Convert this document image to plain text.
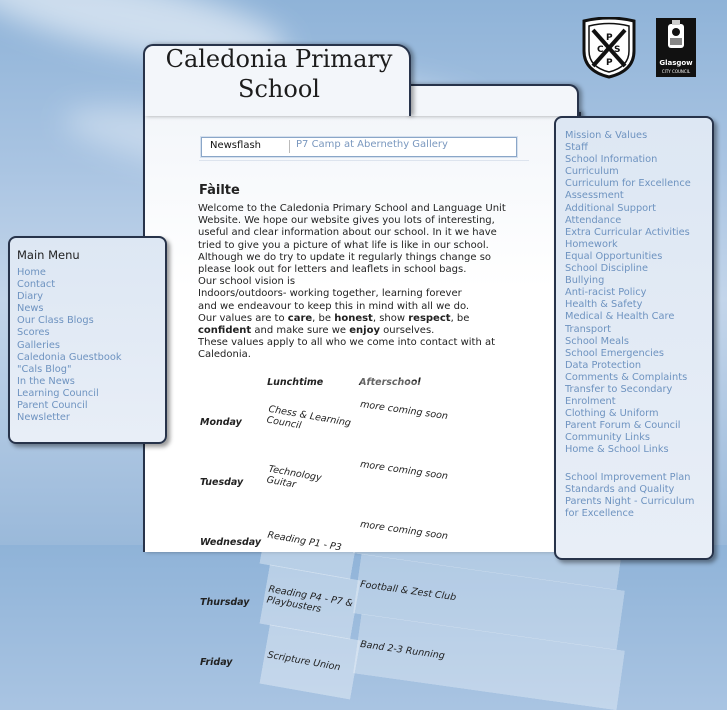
Caledonia Primary
School
C S
P
P	Glasgow
CITY COUNCIL
Newsflash	P7 Camp at Abernethy Gallery
Fàilte

Welcome to the Caledonia Primary School and Language Unit Website. We hope our website gives you lots of interesting, useful and clear information about our school. In it we have tried to give you a picture of what life is like in our school.

Although we do try to update it regularly things change so please look out for letters and leaflets in school bags.

Our school vision is

Indoors/outdoors- working together, learning forever

and we endeavour to keep this in mind with all we do.

Our values are to care, be honest, show respect, be confident and make sure we enjoy ourselves.

These values apply to all who we come into contact with at Caledonia.

	Lunchtime	Afterschool
Monday	Chess & Learning Council	more coming soon
Tuesday	Technology Guitar	more coming soon
Wednesday	Reading P1 - P3	more coming soon
Thursday	Reading P4 - P7 & Playbusters	Football & Zest Club
Friday	Scripture Union	Band 2-3 Running
Main Menu
Home
Contact
Diary
News
Our Class Blogs
Scores
Galleries
Caledonia Guestbook
"Cals Blog"
In the News
Learning Council
Parent Council
Newsletter
Mission & Values
Staff
School Information
Curriculum
Curriculum for Excellence
Assessment
Additional Support
Attendance
Extra Curricular Activities
Homework
Equal Opportunities
School Discipline
Bullying
Anti-racist Policy
Health & Safety
Medical & Health Care
Transport
School Meals
School Emergencies
Data Protection
Comments & Complaints
Transfer to Secondary
Enrolment
Clothing & Uniform
Parent Forum & Council
Community Links
Home & School Links
School Improvement Plan
Standards and Quality
Parents Night - Curriculum
for Excellence
